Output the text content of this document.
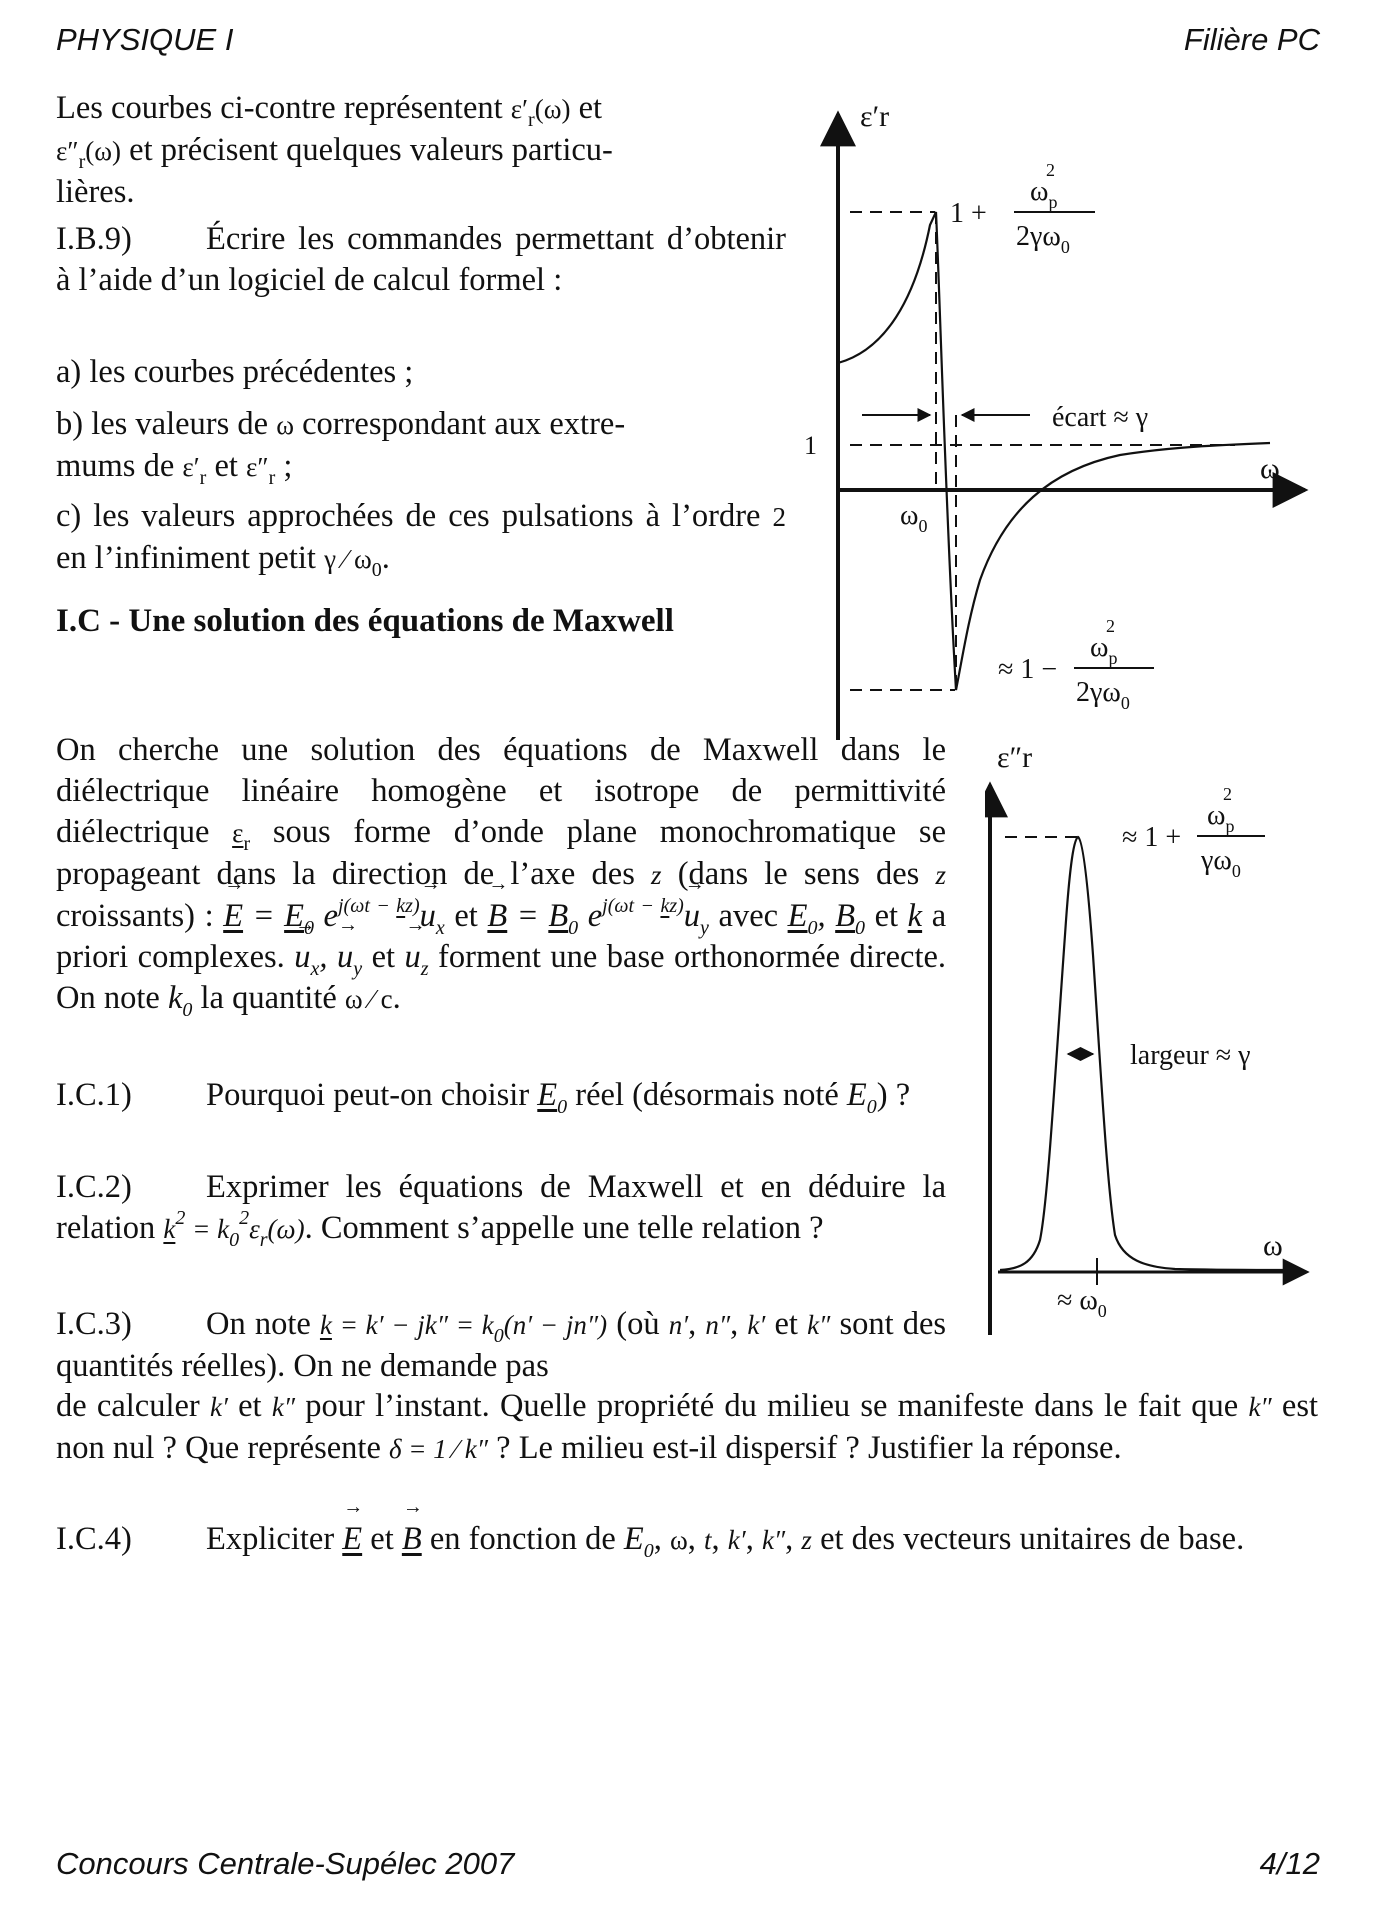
PHYSIQUE I	Filière PC
Les courbes ci-contre représentent $\varepsilon'_r(\omega)$ et
$\varepsilon''_r(\omega)$ et précisent quelques valeurs particu-
lières.
I.B.9) Écrire les commandes permettant d’obtenir à l’aide d’un logiciel de calcul formel :
a) les courbes précédentes ;
b) les valeurs de ω correspondant aux extre-
mums de $\varepsilon'_r$ et $\varepsilon''_r$ ;
c) les valeurs approchées de ces pulsations à l’ordre 2 en l’infiniment petit γ ⁄ $\omega_0$.
I.C - Une solution des équations de Maxwell
On cherche une solution des équations de Maxwell dans le diélectrique linéaire homogène et isotrope de permittivité diélectrique $\varepsilon_r$ sous forme d’onde plane monochromatique se propageant dans la direction de l’axe des z (dans le sens des z croissants) : → $E = E_0$ $e^{j(\omega t - kz)}\to u_x$ et → $B = B_0$ $e^{j(\omega t - kz)}\to u_y$ avec $E_0$, $B_0$ et k a priori complexes. → $u_x$, → $u_y$ et → $u_z$ forment une base orthonormée directe. On note $k_0$ la quantité ω ⁄ c.
I.C.1) Pourquoi peut-on choisir $E_0$ réel (désormais noté $E_0$) ?
I.C.2) Exprimer les équations de Maxwell et en déduire la relation $k^2 = k_0^2\varepsilon_r(\omega)$. Comment s’appelle une telle relation ?
I.C.3) On note $k = k' - jk'' = k_0(n' - jn'')$ (où n′, n″, k′ et k″ sont des quantités réelles). On ne demande pas
de calculer k′ et k″ pour l’instant. Quelle propriété du milieu se manifeste dans le fait que k″ est non nul ? Que représente δ = 1 ⁄ k″ ? Le milieu est-il dispersif ? Justifier la réponse.
I.C.4) Expliciter → E et → B en fonction de $E_0$, ω, t, k′, k″, z et des vecteurs unitaires de base.
ε′r
ω
1
écart ≈ γ
$\omega_0$
1 +
$\omega_p$
2
$2\gamma\omega_0$
≈ 1 −
$\omega_p$
2
$2\gamma\omega_0$
ε″r
ω
largeur ≈ γ
≈ $\omega_0$
≈ 1 +
$\omega_p$
2
$\gamma\omega_0$
Concours Centrale-Supélec 2007	4/12
